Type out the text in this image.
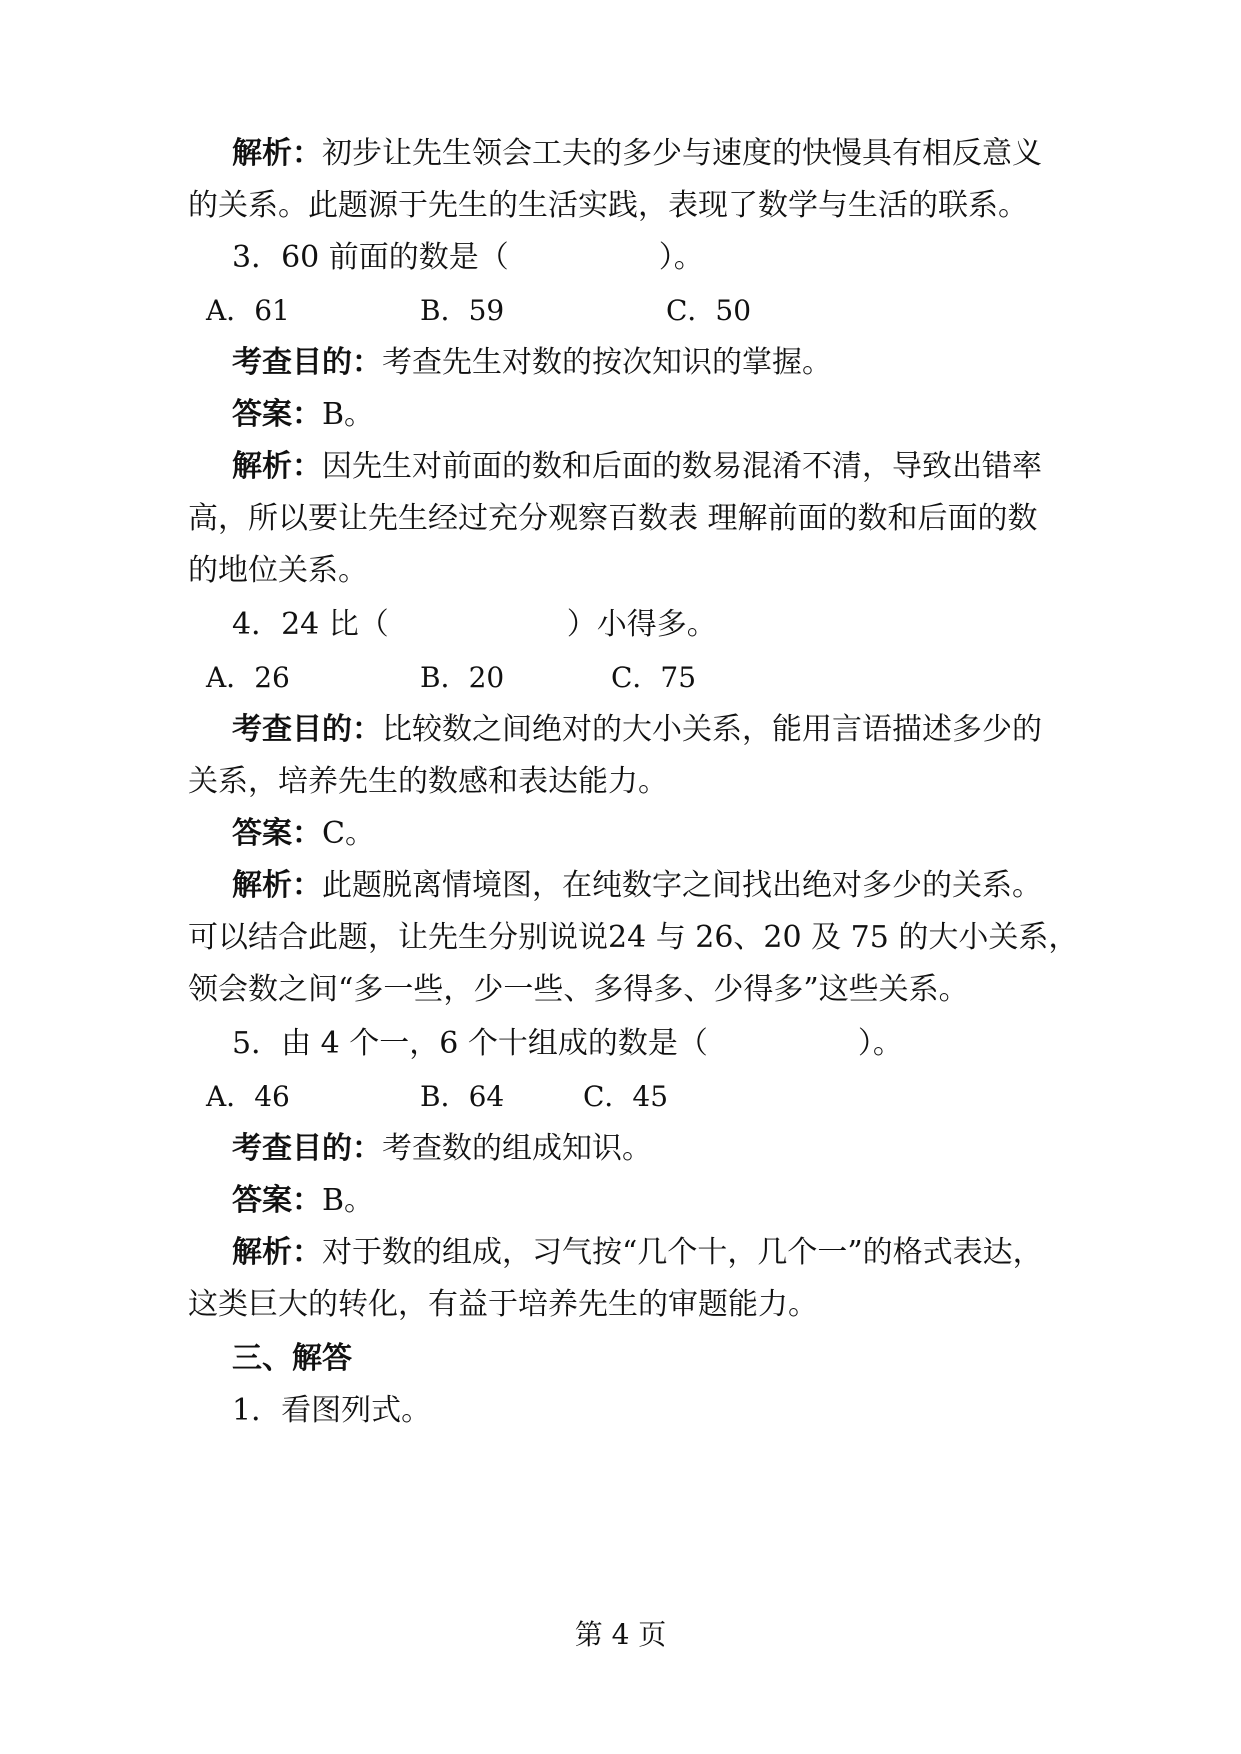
解析：初步让先生领会工夫的多少与速度的快慢具有相反意义
的关系。此题源于先生的生活实践，表现了数学与生活的联系。
3．60 前面的数是（	）。
A．61	B．59	C．50
考查目的：考查先生对数的按次知识的掌握。
答案：B。
解析：因先生对前面的数和后面的数易混淆不清，导致出错率
高，所以要让先生经过充分观察百数表 理解前面的数和后面的数
的地位关系。
4．24 比（	）小得多。
A．26	B．20	C．75
考查目的：比较数之间绝对的大小关系，能用言语描述多少的
关系，培养先生的数感和表达能力。
答案：C。
解析：此题脱离情境图，在纯数字之间找出绝对多少的关系。
可以结合此题，让先生分别说说24 与 26、20 及 75 的大小关系，
领会数之间“多一些，少一些、多得多、少得多”这些关系。
5．由 4 个一，6 个十组成的数是（	）。
A．46	B．64	C．45
考查目的：考查数的组成知识。
答案：B。
解析：对于数的组成，习气按“几个十，几个一”的格式表达，
这类巨大的转化，有益于培养先生的审题能力。
三、解答
1．看图列式。
第 4 页
